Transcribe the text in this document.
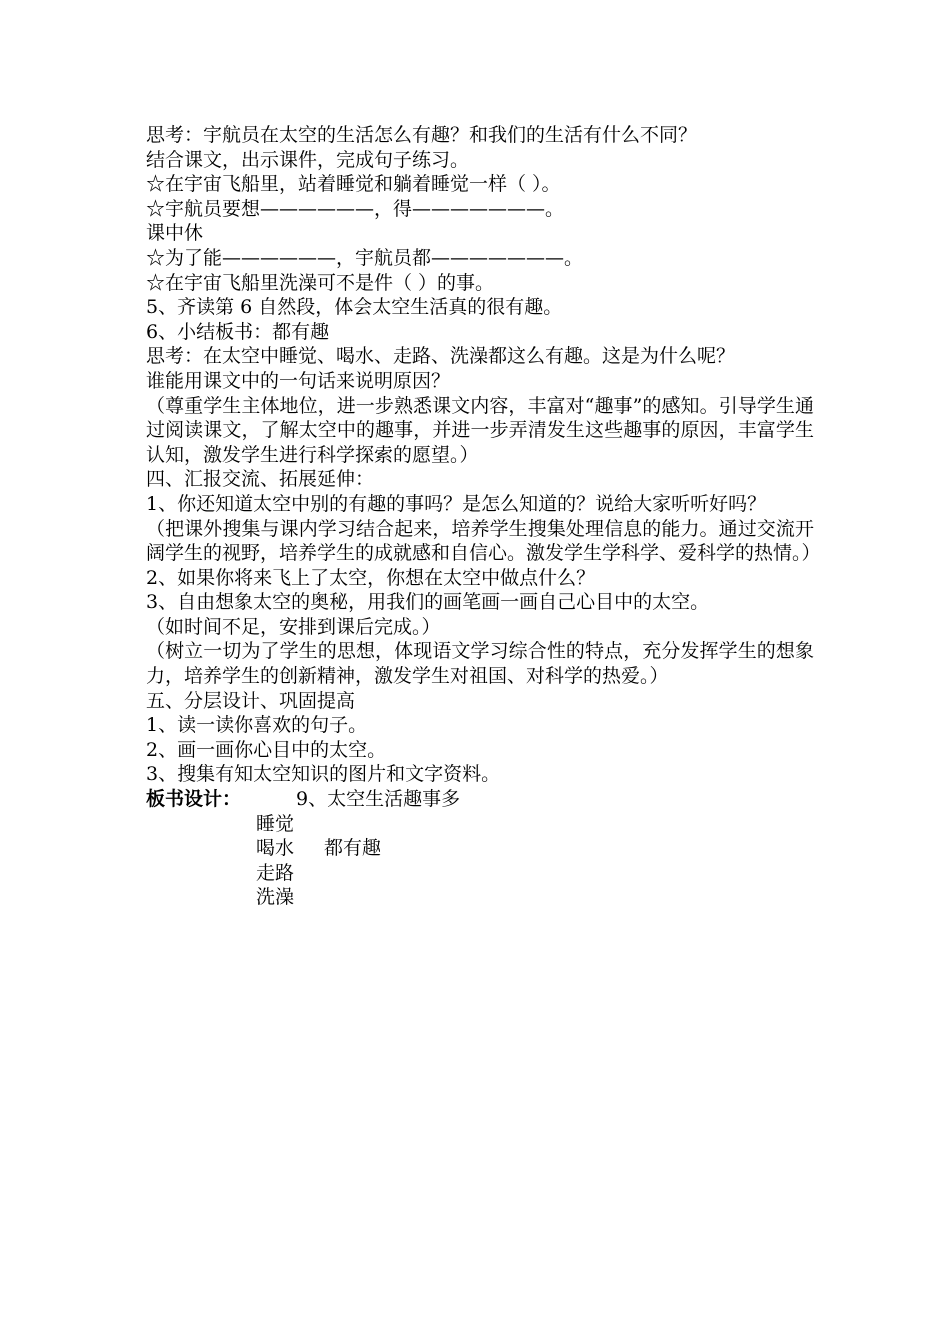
思考：宇航员在太空的生活怎么有趣？和我们的生活有什么不同？
结合课文，出示课件，完成句子练习。
☆在宇宙飞船里，站着睡觉和躺着睡觉一样（ ）。
☆宇航员要想——————，得———————。
课中休
☆为了能——————，宇航员都———————。
☆在宇宙飞船里洗澡可不是件（ ）的事。
5、齐读第 6 自然段，体会太空生活真的很有趣。
6、小结板书：都有趣
思考：在太空中睡觉、喝水、走路、洗澡都这么有趣。这是为什么呢？
谁能用课文中的一句话来说明原因？
（尊重学生主体地位，进一步熟悉课文内容，丰富对“趣事”的感知。引导学生通过阅读课文，了解太空中的趣事，并进一步弄清发生这些趣事的原因，丰富学生认知，激发学生进行科学探索的愿望。）
四、汇报交流、拓展延伸：
1、你还知道太空中别的有趣的事吗？是怎么知道的？说给大家听听好吗？
（把课外搜集与课内学习结合起来，培养学生搜集处理信息的能力。通过交流开阔学生的视野，培养学生的成就感和自信心。激发学生学科学、爱科学的热情。）
2、如果你将来飞上了太空，你想在太空中做点什么？
3、自由想象太空的奥秘，用我们的画笔画一画自己心目中的太空。
（如时间不足，安排到课后完成。）
（树立一切为了学生的思想，体现语文学习综合性的特点，充分发挥学生的想象力，培养学生的创新精神，激发学生对祖国、对科学的热爱。）
五、分层设计、巩固提高
1、读一读你喜欢的句子。
2、画一画你心目中的太空。
3、搜集有知太空知识的图片和文字资料。
板书设计：	9、太空生活趣事多
睡觉
喝水 都有趣
走路
洗澡
